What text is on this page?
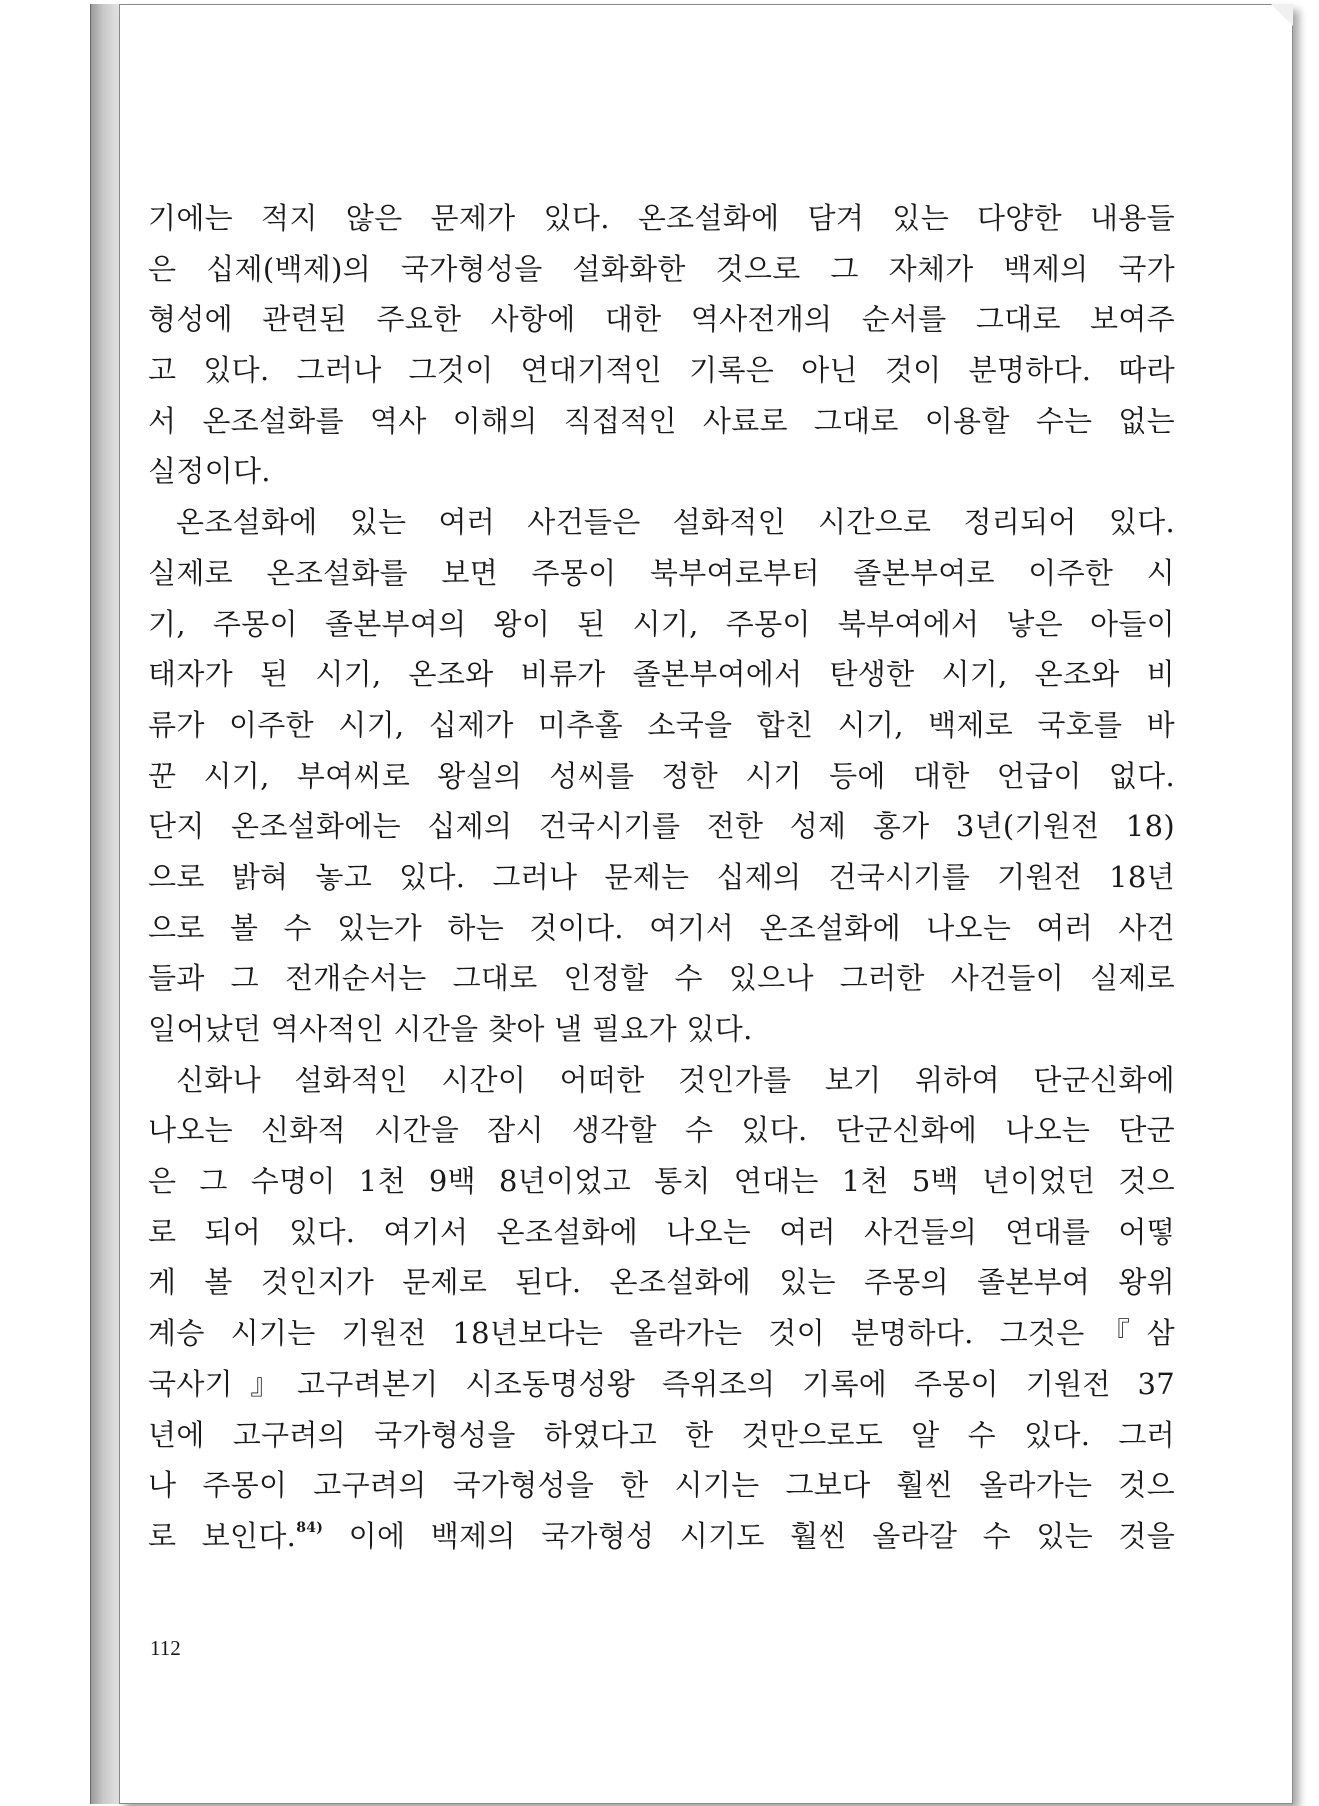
기에는 적지 않은 문제가 있다. 온조설화에 담겨 있는 다양한 내용들
은 십제(백제)의 국가형성을 설화화한 것으로 그 자체가 백제의 국가
형성에 관련된 주요한 사항에 대한 역사전개의 순서를 그대로 보여주
고 있다. 그러나 그것이 연대기적인 기록은 아닌 것이 분명하다. 따라
서 온조설화를 역사 이해의 직접적인 사료로 그대로 이용할 수는 없는
실정이다.
온조설화에 있는 여러 사건들은 설화적인 시간으로 정리되어 있다.
실제로 온조설화를 보면 주몽이 북부여로부터 졸본부여로 이주한 시
기, 주몽이 졸본부여의 왕이 된 시기, 주몽이 북부여에서 낳은 아들이
태자가 된 시기, 온조와 비류가 졸본부여에서 탄생한 시기, 온조와 비
류가 이주한 시기, 십제가 미추홀 소국을 합친 시기, 백제로 국호를 바
꾼 시기, 부여씨로 왕실의 성씨를 정한 시기 등에 대한 언급이 없다.
단지 온조설화에는 십제의 건국시기를 전한 성제 홍가 3년(기원전 18)
으로 밝혀 놓고 있다. 그러나 문제는 십제의 건국시기를 기원전 18년
으로 볼 수 있는가 하는 것이다. 여기서 온조설화에 나오는 여러 사건
들과 그 전개순서는 그대로 인정할 수 있으나 그러한 사건들이 실제로
일어났던 역사적인 시간을 찾아 낼 필요가 있다.
신화나 설화적인 시간이 어떠한 것인가를 보기 위하여 단군신화에
나오는 신화적 시간을 잠시 생각할 수 있다. 단군신화에 나오는 단군
은 그 수명이 1천 9백 8년이었고 통치 연대는 1천 5백 년이었던 것으
로 되어 있다. 여기서 온조설화에 나오는 여러 사건들의 연대를 어떻
게 볼 것인지가 문제로 된다. 온조설화에 있는 주몽의 졸본부여 왕위
계승 시기는 기원전 18년보다는 올라가는 것이 분명하다. 그것은『삼
국사기』고구려본기 시조동명성왕 즉위조의 기록에 주몽이 기원전 37
년에 고구려의 국가형성을 하였다고 한 것만으로도 알 수 있다. 그러
나 주몽이 고구려의 국가형성을 한 시기는 그보다 훨씬 올라가는 것으
로 보인다.$^{84)}$ 이에 백제의 국가형성 시기도 훨씬 올라갈 수 있는 것을
112
